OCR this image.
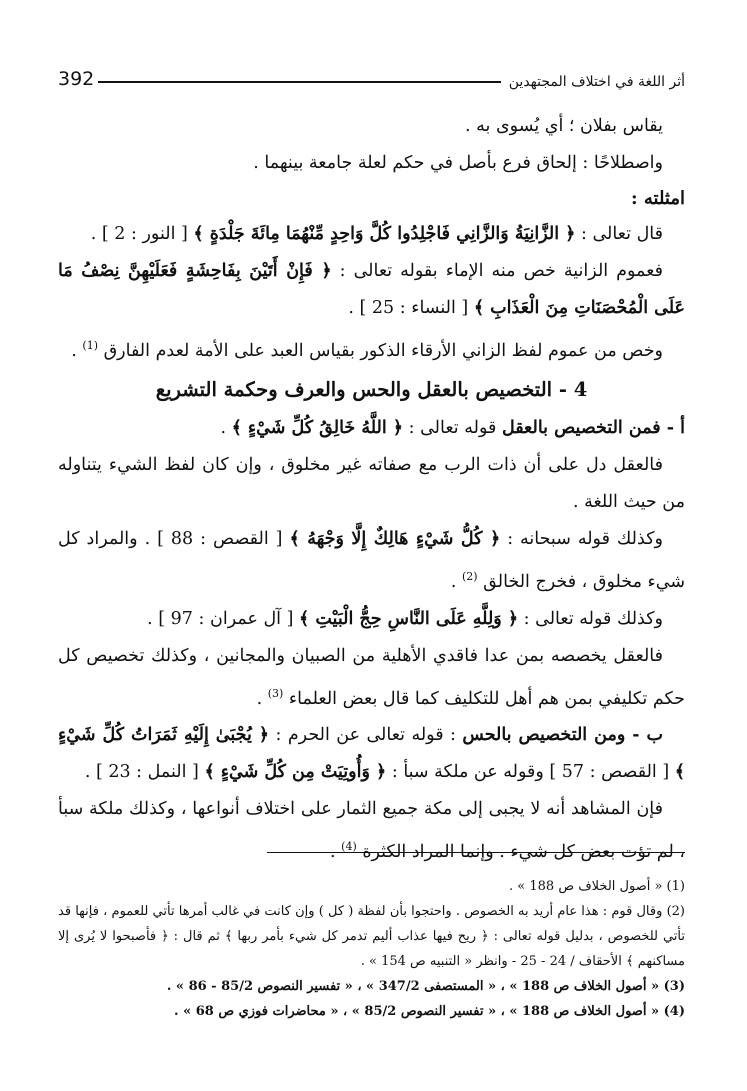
392	أثر اللغة في اختلاف المجتهدين

يقاس بفلان ؛ أي يُسوى به .

واصطلاحًا : إلحاق فرع بأصل في حكم لعلة جامعة بينهما .

امثلته :

قال تعالى : ﴿ الزَّانِيَةُ وَالزَّانِي فَاجْلِدُوا كُلَّ وَاحِدٍ مِّنْهُمَا مِائَةَ جَلْدَةٍ ﴾ [ النور : 2 ] .

فعموم الزانية خص منه الإماء بقوله تعالى : ﴿ فَإِنْ أَتَيْنَ بِفَاحِشَةٍ فَعَلَيْهِنَّ نِصْفُ مَا عَلَى الْمُحْصَنَاتِ مِنَ الْعَذَابِ ﴾ [ النساء : 25 ] .

وخص من عموم لفظ الزاني الأرقاء الذكور بقياس العبد على الأمة لعدم الفارق $^{(1)}$ .

4 - التخصيص بالعقل والحس والعرف وحكمة التشريع

أ - فمن التخصيص بالعقل قوله تعالى : ﴿ اللَّهُ خَالِقُ كُلِّ شَيْءٍ ﴾ .

فالعقل دل على أن ذات الرب مع صفاته غير مخلوق ، وإن كان لفظ الشيء يتناوله من حيث اللغة .

وكذلك قوله سبحانه : ﴿ كُلُّ شَيْءٍ هَالِكٌ إِلَّا وَجْهَهُ ﴾ [ القصص : 88 ] . والمراد كل شيء مخلوق ، فخرج الخالق $^{(2)}$ .

وكذلك قوله تعالى : ﴿ وَلِلَّهِ عَلَى النَّاسِ حِجُّ الْبَيْتِ ﴾ [ آل عمران : 97 ] .

فالعقل يخصصه بمن عدا فاقدي الأهلية من الصبيان والمجانين ، وكذلك تخصيص كل حكم تكليفي بمن هم أهل للتكليف كما قال بعض العلماء $^{(3)}$ .

ب - ومن التخصيص بالحس : قوله تعالى عن الحرم : ﴿ يُجْبَىٰ إِلَيْهِ ثَمَرَاتُ كُلِّ شَيْءٍ ﴾ [ القصص : 57 ] وقوله عن ملكة سبأ : ﴿ وَأُوتِيَتْ مِن كُلِّ شَيْءٍ ﴾ [ النمل : 23 ] .

فإن المشاهد أنه لا يجبى إلى مكة جميع الثمار على اختلاف أنواعها ، وكذلك ملكة سبأ ، لم تؤت بعض كل شيء . وإنما المراد الكثرة $^{(4)}$ .

(1) « أصول الخلاف ص 188 » .

(2) وقال قوم : هذا عام أريد به الخصوص . واحتجوا بأن لفظة ( كل ) وإن كانت في غالب أمرها تأتي للعموم ، فإنها قد تأتي للخصوص ، بدليل قوله تعالى : ﴿ ريح فيها عذاب أليم تدمر كل شيء بأمر ربها ﴾ ثم قال : ﴿ فأصبحوا لا يُرى إلا مساكنهم ﴾ الأحقاف / 24 - 25 - وانظر « التنبيه ص 154 » .

(3) « أصول الخلاف ص 188 » ، « المستصفى 347/2 » ، « تفسير النصوص 85/2 - 86 » .

(4) « أصول الخلاف ص 188 » ، « تفسير النصوص 85/2 » ، « محاضرات فوزي ص 68 » .
